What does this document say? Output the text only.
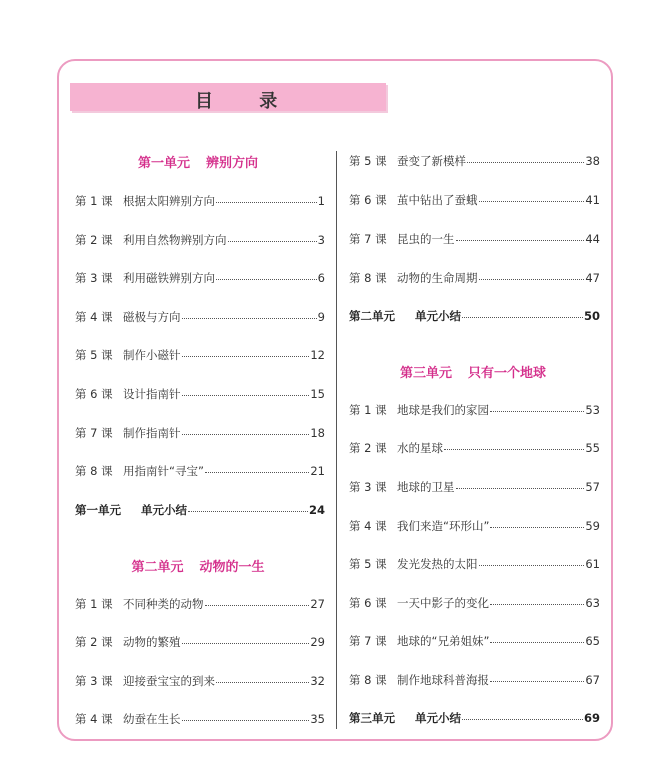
目 录
第一单元 辨别方向
第 1 课 根据太阳辨别方向	1
第 2 课 利用自然物辨别方向	3
第 3 课 利用磁铁辨别方向	6
第 4 课 磁极与方向	9
第 5 课 制作小磁针	12
第 6 课 设计指南针	15
第 7 课 制作指南针	18
第 8 课 用指南针“寻宝”	21
第一单元	单元小结	24
第二单元 动物的一生
第 1 课 不同种类的动物	27
第 2 课 动物的繁殖	29
第 3 课 迎接蚕宝宝的到来	32
第 4 课 幼蚕在生长	35
第 5 课 蚕变了新模样	38
第 6 课 茧中钻出了蚕蛾	41
第 7 课 昆虫的一生	44
第 8 课 动物的生命周期	47
第二单元	单元小结	50
第三单元 只有一个地球
第 1 课 地球是我们的家园	53
第 2 课 水的星球	55
第 3 课 地球的卫星	57
第 4 课 我们来造“环形山”	59
第 5 课 发光发热的太阳	61
第 6 课 一天中影子的变化	63
第 7 课 地球的“兄弟姐妹”	65
第 8 课 制作地球科普海报	67
第三单元	单元小结	69
